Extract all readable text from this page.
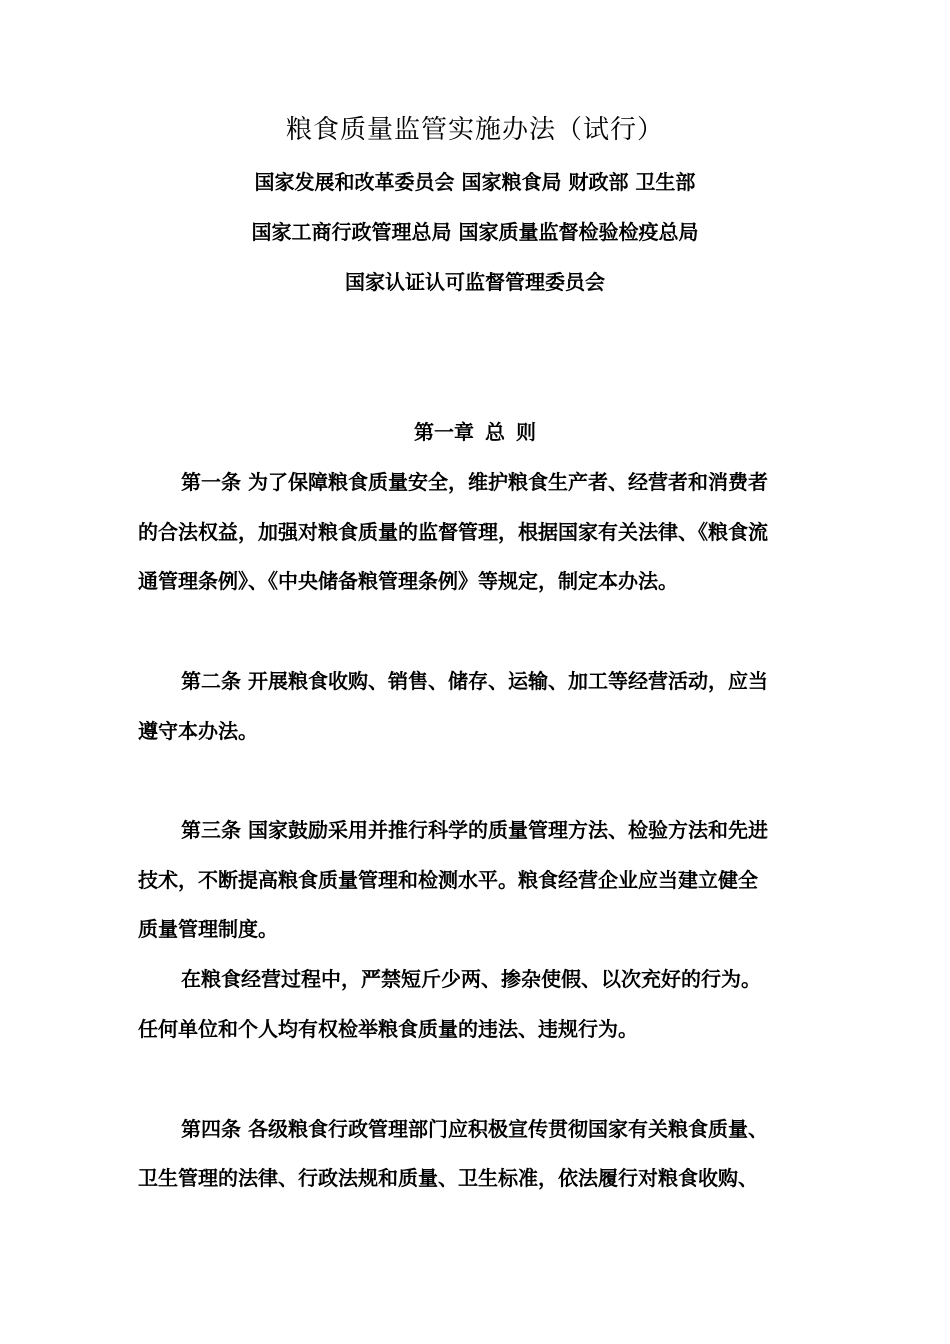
粮食质量监管实施办法（试行）
国家发展和改革委员会 国家粮食局 财政部 卫生部
国家工商行政管理总局 国家质量监督检验检疫总局
国家认证认可监督管理委员会
第一章 总 则
第一条 为了保障粮食质量安全，维护粮食生产者、经营者和消费者
的合法权益，加强对粮食质量的监督管理，根据国家有关法律、《粮食流
通管理条例》、《中央储备粮管理条例》等规定，制定本办法。
第二条 开展粮食收购、销售、储存、运输、加工等经营活动，应当
遵守本办法。
第三条 国家鼓励采用并推行科学的质量管理方法、检验方法和先进
技术，不断提高粮食质量管理和检测水平。粮食经营企业应当建立健全
质量管理制度。
在粮食经营过程中，严禁短斤少两、掺杂使假、以次充好的行为。
任何单位和个人均有权检举粮食质量的违法、违规行为。
第四条 各级粮食行政管理部门应积极宣传贯彻国家有关粮食质量、
卫生管理的法律、行政法规和质量、卫生标准，依法履行对粮食收购、
